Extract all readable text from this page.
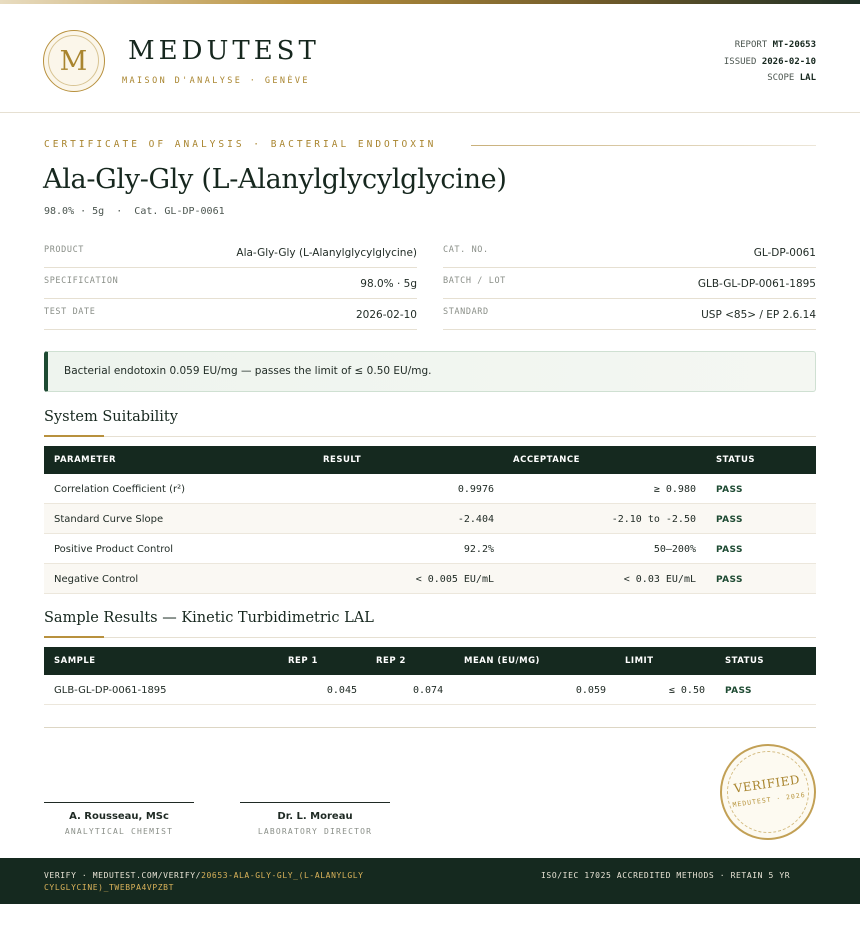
M	MEDUTEST
MAISON D'ANALYSE · GENÈVE
REPORT MT-20653
ISSUED 2026-02-10
SCOPE LAL
CERTIFICATE OF ANALYSIS · BACTERIAL ENDOTOXIN
Ala-Gly-Gly (L-Alanylglycylglycine)
98.0% · 5g  ·  Cat. GL-DP-0061
PRODUCT	Ala-Gly-Gly (L-Alanylglycylglycine)
SPECIFICATION	98.0% · 5g
TEST DATE	2026-02-10
CAT. NO.	GL-DP-0061
BATCH / LOT	GLB-GL-DP-0061-1895
STANDARD	USP <85> / EP 2.6.14
Bacterial endotoxin 0.059 EU/mg — passes the limit of ≤ 0.50 EU/mg.
System Suitability
PARAMETER	RESULT	ACCEPTANCE	STATUS
Correlation Coefficient (r²)	0.9976	≥ 0.980 PASS
Standard Curve Slope	-2.404	-2.10 to -2.50 PASS
Positive Product Control	92.2%	50–200% PASS
Negative Control	< 0.005 EU/mL	< 0.03 EU/mL PASS
Sample Results — Kinetic Turbidimetric LAL
SAMPLE	REP 1	REP 2	MEAN (EU/MG)	LIMIT	STATUS
GLB-GL-DP-0061-1895	0.045	0.074	0.059	≤ 0.50 PASS
A. Rousseau, MSc
ANALYTICAL CHEMIST
Dr. L. Moreau
LABORATORY DIRECTOR
VERIFIED
MEDUTEST · 2026
VERIFY · MEDUTEST.COM/VERIFY/20653-ALA-GLY-GLY_(L-ALANYLGLYCYLGLYCINE)_TWEBPA4VPZBT
ISO/IEC 17025 ACCREDITED METHODS · RETAIN 5 YR
